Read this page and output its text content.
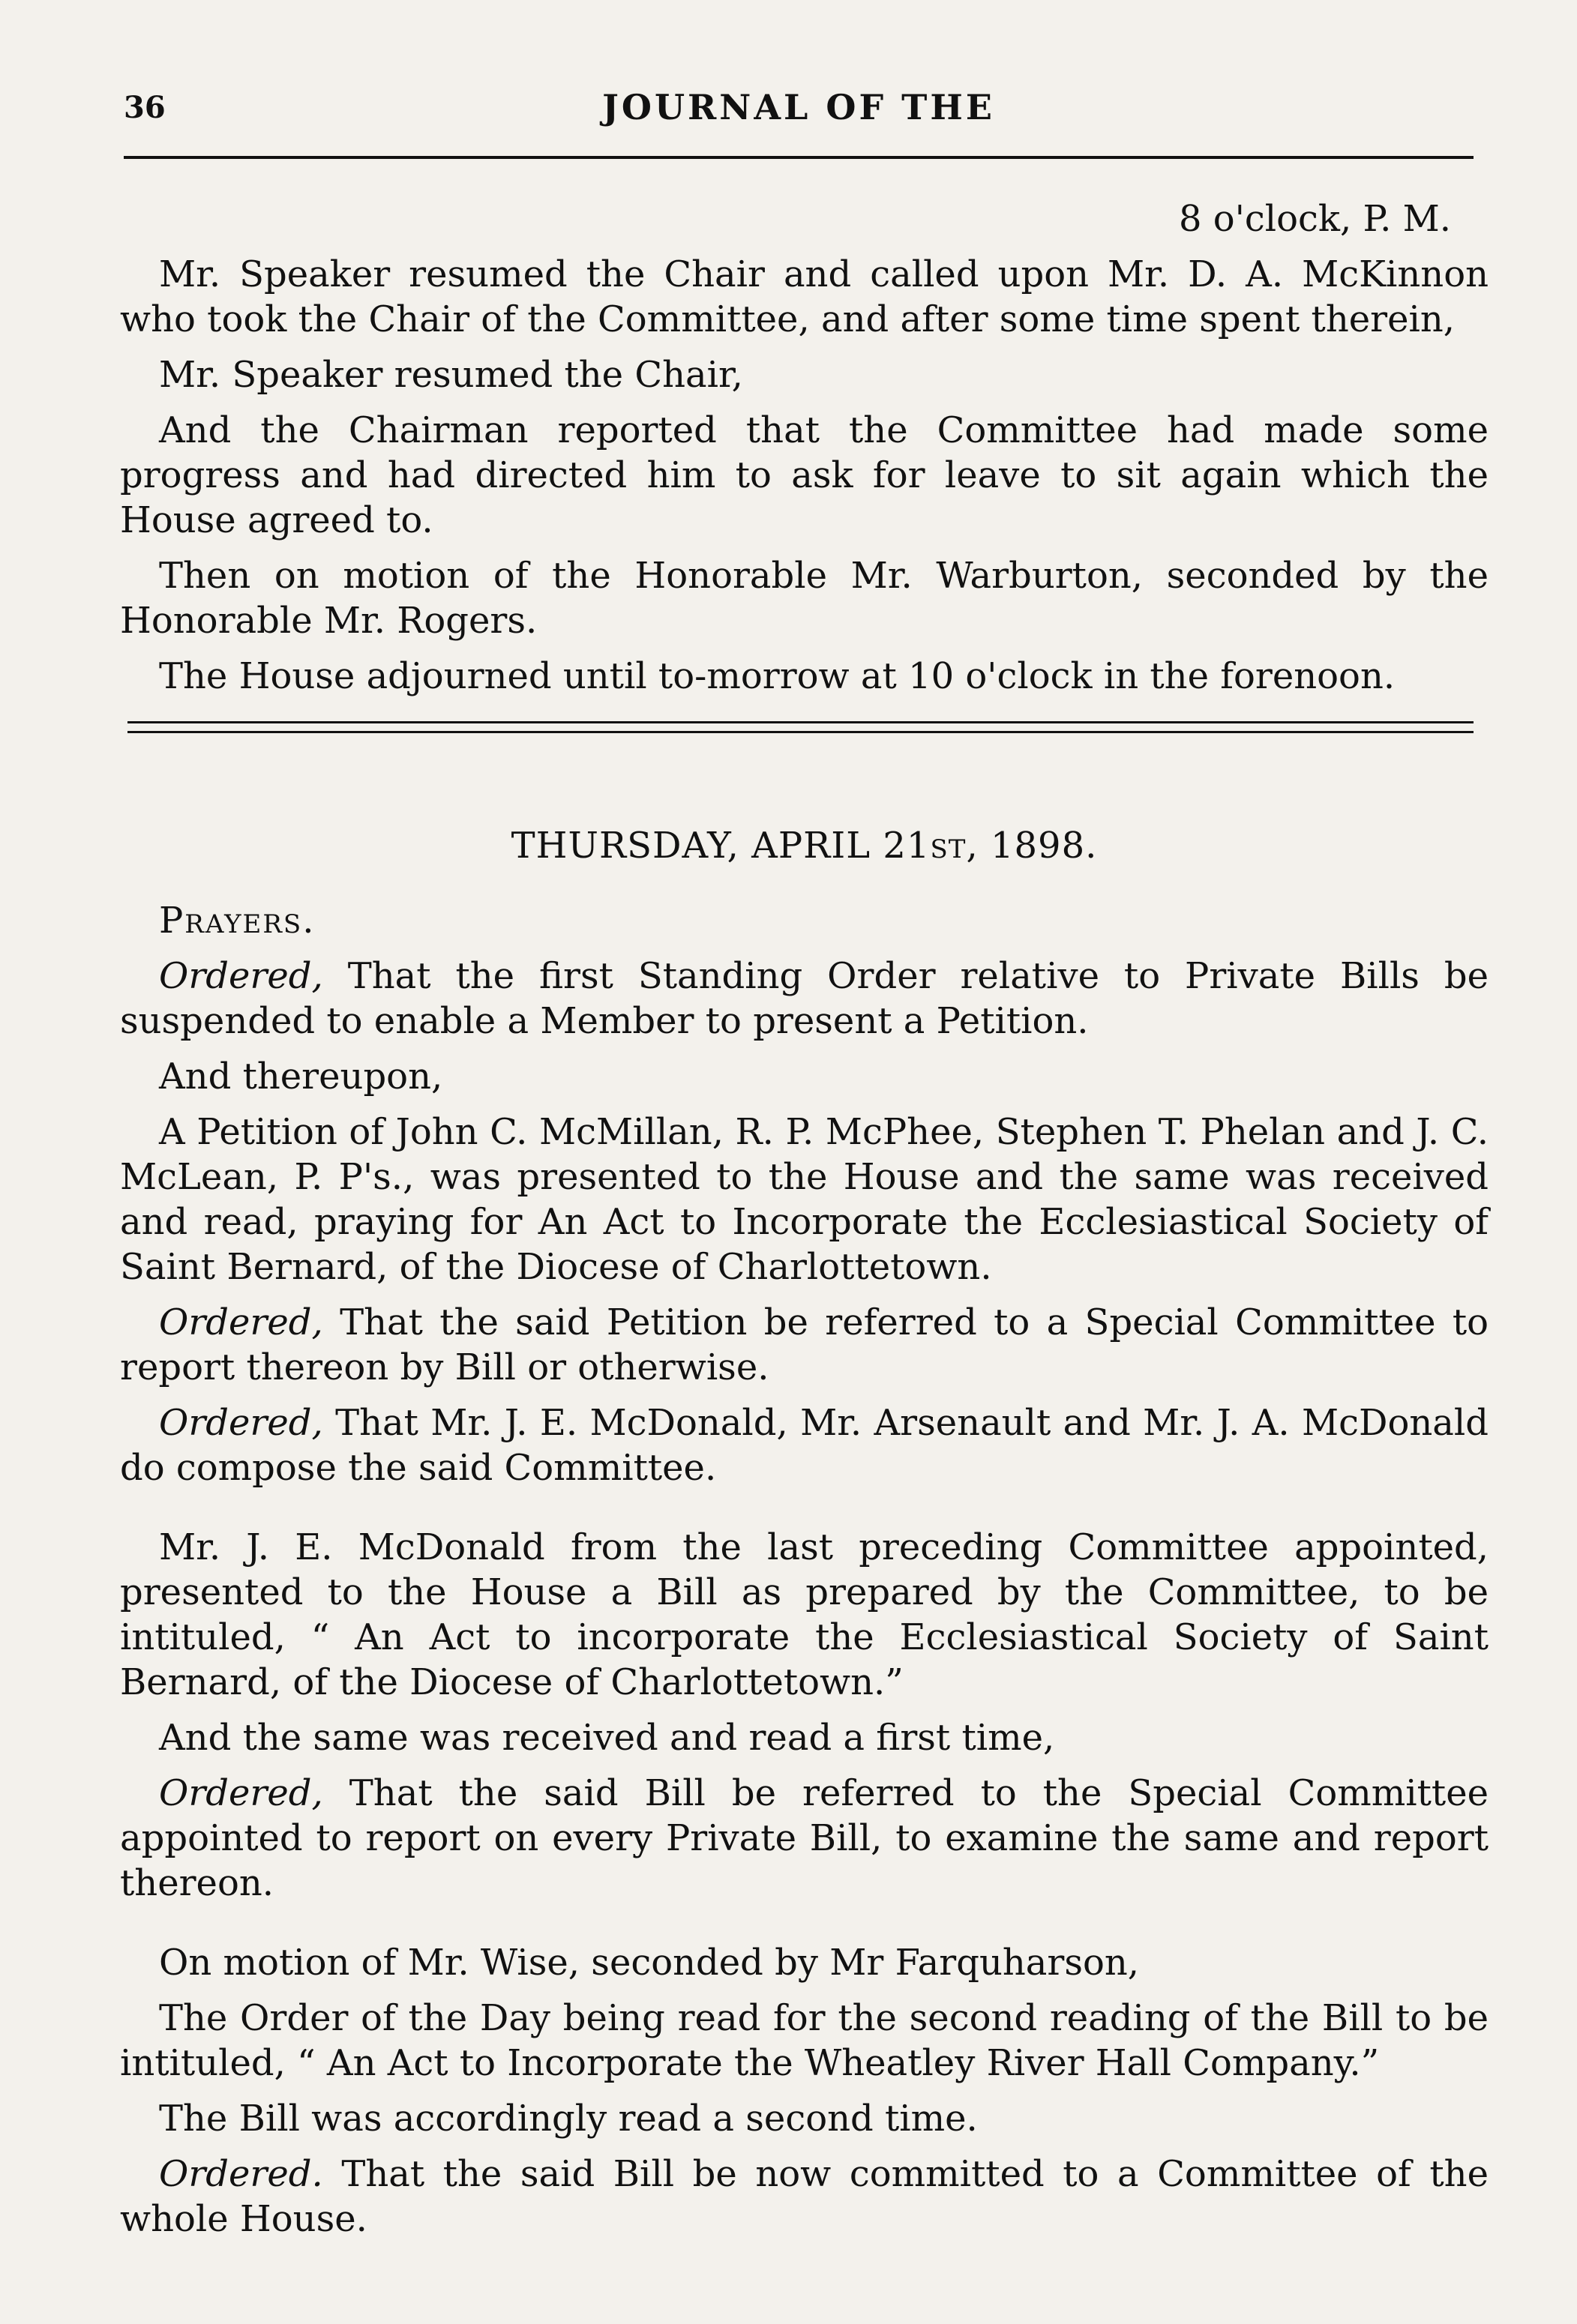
36	JOURNAL OF THE

8 o'clock, P. M.

Mr. Speaker resumed the Chair and called upon Mr. D. A. McKinnon who took the Chair of the Committee, and after some time spent therein,

Mr. Speaker resumed the Chair,

And the Chairman reported that the Committee had made some progress and had directed him to ask for leave to sit again which the House agreed to.

Then on motion of the Honorable Mr. Warburton, seconded by the Honorable Mr. Rogers.

The House adjourned until to-morrow at 10 o'clock in the forenoon.

THURSDAY, APRIL 21ST, 1898.

Prayers.

Ordered, That the first Standing Order relative to Private Bills be suspended to enable a Member to present a Petition.

And thereupon,

A Petition of John C. McMillan, R. P. McPhee, Stephen T. Phelan and J. C. McLean, P. P's., was presented to the House and the same was received and read, praying for An Act to Incorporate the Ecclesiastical Society of Saint Bernard, of the Diocese of Charlottetown.

Ordered, That the said Petition be referred to a Special Committee to report thereon by Bill or otherwise.

Ordered, That Mr. J. E. McDonald, Mr. Arsenault and Mr. J. A. McDonald do compose the said Committee.

Mr. J. E. McDonald from the last preceding Committee appointed, presented to the House a Bill as prepared by the Committee, to be intituled, “ An Act to incorporate the Ecclesiastical Society of Saint Bernard, of the Diocese of Charlottetown.”

And the same was received and read a first time,

Ordered, That the said Bill be referred to the Special Committee appointed to report on every Private Bill, to examine the same and report thereon.

On motion of Mr. Wise, seconded by Mr Farquharson,

The Order of the Day being read for the second reading of the Bill to be intituled, “ An Act to Incorporate the Wheatley River Hall Company.”

The Bill was accordingly read a second time.

Ordered. That the said Bill be now committed to a Committee of the whole House.
